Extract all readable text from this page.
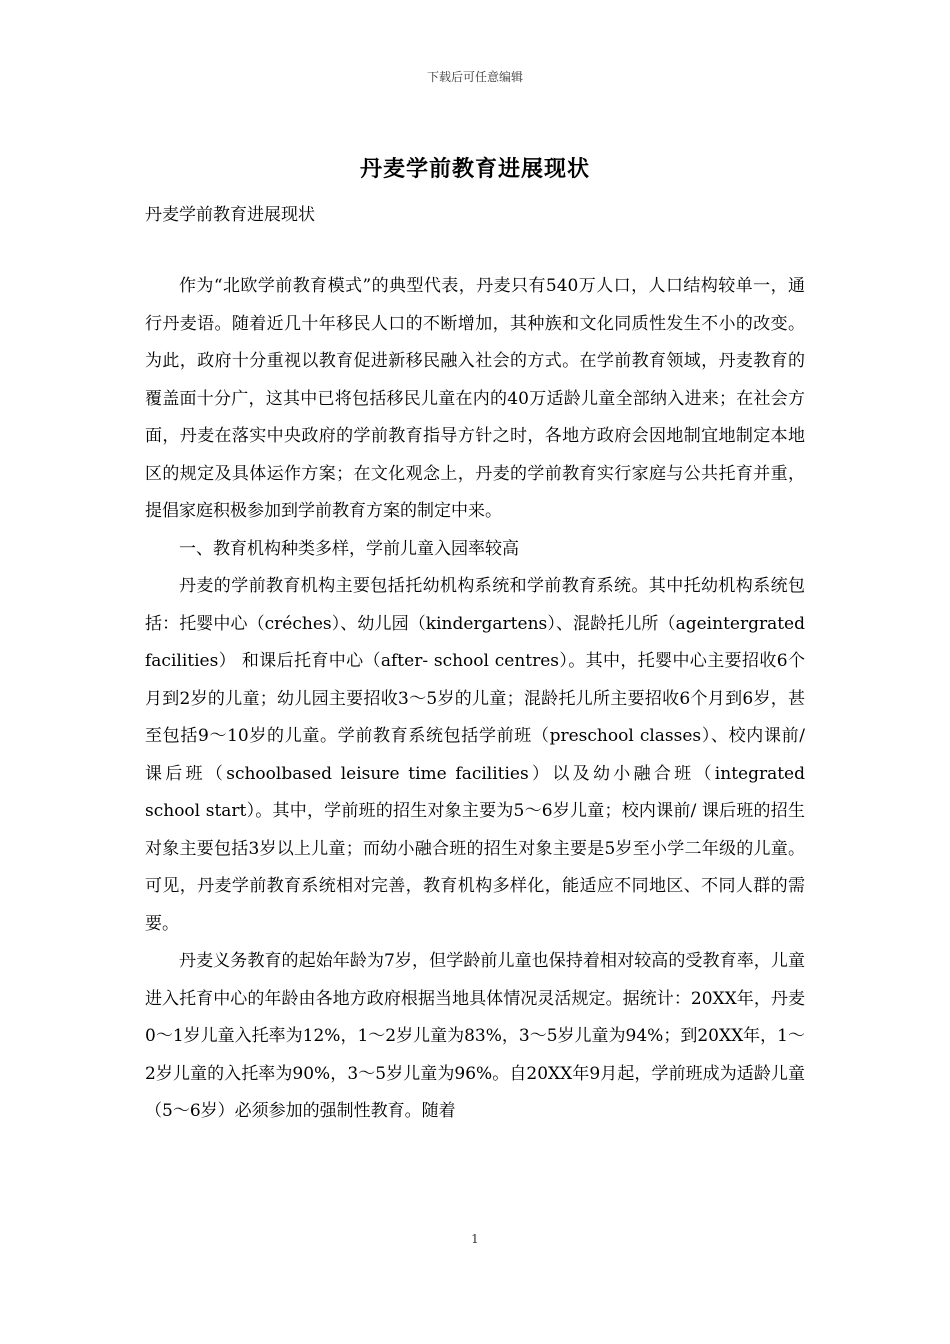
下载后可任意编辑
丹麦学前教育进展现状

丹麦学前教育进展现状

作为“北欧学前教育模式”的典型代表，丹麦只有540万人口，人口结构较单一，通行丹麦语。随着近几十年移民人口的不断增加，其种族和文化同质性发生不小的改变。为此，政府十分重视以教育促进新移民融入社会的方式。在学前教育领域，丹麦教育的覆盖面十分广，这其中已将包括移民儿童在内的40万适龄儿童全部纳入进来；在社会方面，丹麦在落实中央政府的学前教育指导方针之时，各地方政府会因地制宜地制定本地区的规定及具体运作方案；在文化观念上，丹麦的学前教育实行家庭与公共托育并重，提倡家庭积极参加到学前教育方案的制定中来。

一、教育机构种类多样，学前儿童入园率较高

丹麦的学前教育机构主要包括托幼机构系统和学前教育系统。其中托幼机构系统包括：托婴中心（créches）、幼儿园（kindergartens）、混龄托儿所（ageintergrated facilities） 和课后托育中心（after- school centres）。其中，托婴中心主要招收6个月到2岁的儿童；幼儿园主要招收3～5岁的儿童；混龄托儿所主要招收6个月到6岁，甚至包括9～10岁的儿童。学前教育系统包括学前班（preschool classes）、校内课前/ 课后班（schoolbased leisure time facilities）以及幼小融合班（integrated school start）。其中，学前班的招生对象主要为5～6岁儿童；校内课前/ 课后班的招生对象主要包括3岁以上儿童；而幼小融合班的招生对象主要是5岁至小学二年级的儿童。可见，丹麦学前教育系统相对完善，教育机构多样化，能适应不同地区、不同人群的需要。

丹麦义务教育的起始年龄为7岁，但学龄前儿童也保持着相对较高的受教育率，儿童进入托育中心的年龄由各地方政府根据当地具体情况灵活规定。据统计：20XX年，丹麦0～1岁儿童入托率为12%，1～2岁儿童为83%，3～5岁儿童为94%；到20XX年，1～2岁儿童的入托率为90%，3～5岁儿童为96%。自20XX年9月起，学前班成为适龄儿童（5～6岁）必须参加的强制性教育。随着

1
